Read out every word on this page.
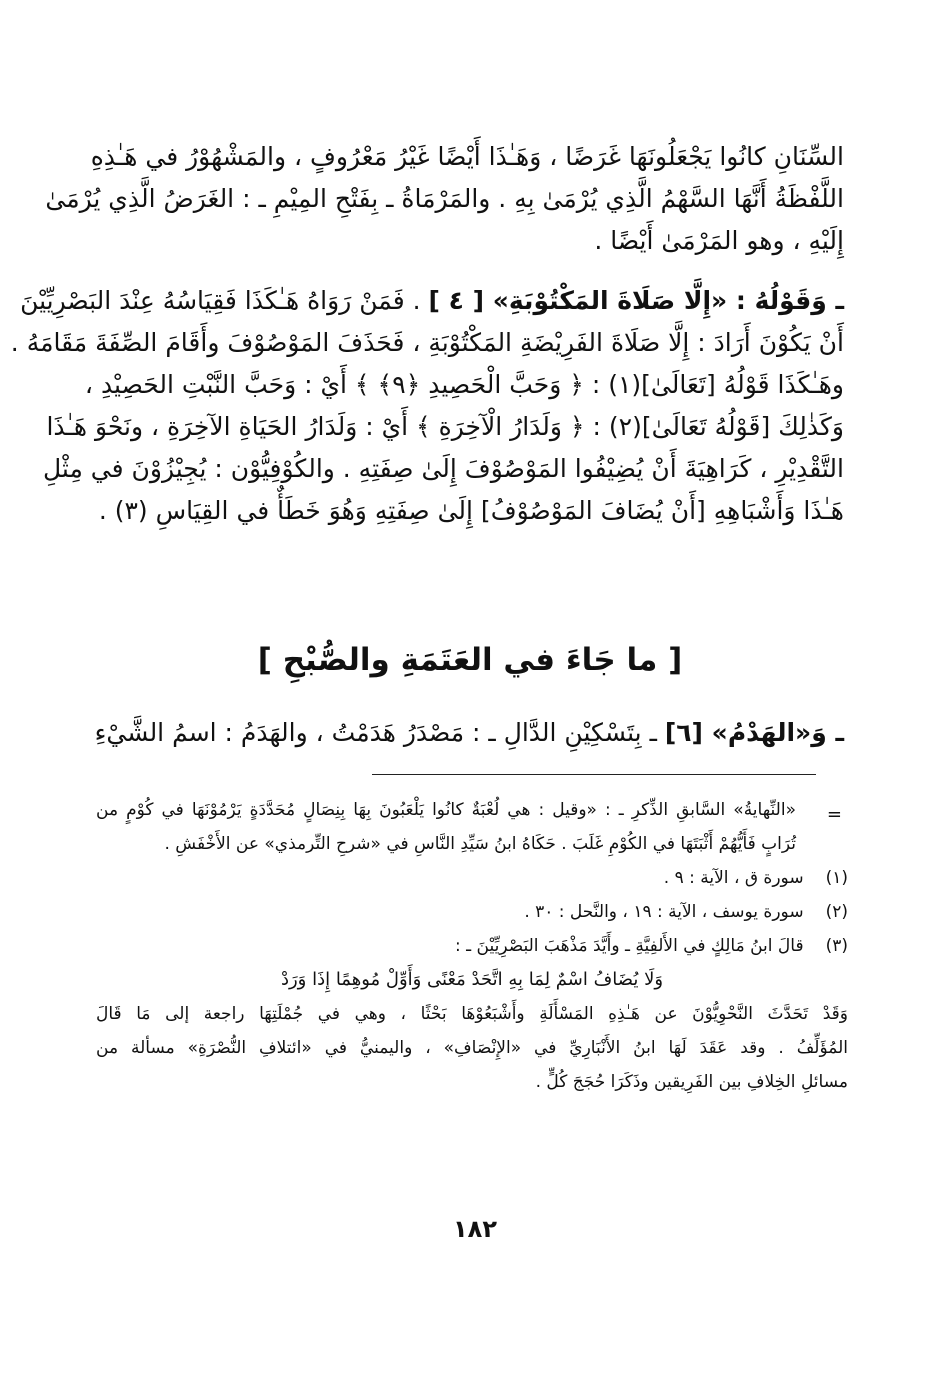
السِّنَانِ كانُوا يَجْعَلُونَهَا غَرَضًا ، وَهَـٰذَا أَيْضًا غَيْرُ مَعْرُوفٍ ، والمَشْهُوْرُ في هَـٰذِهِ
اللَّفْظَةُ أَنَّهَا السَّهْمُ الَّذِي يُرْمَىٰ بِهِ . والمَرْمَاةُ ـ بِفَتْحِ المِيْمِ ـ : الغَرَضُ الَّذِي يُرْمَىٰ
إِلَيْهِ ، وهو المَرْمَىٰ أَيْضًا .
ـ وَقَوْلُهُ : «إِلَّا صَلَاةَ المَكْتُوْبَةِ» [ ٤ ] . فَمَنْ رَوَاهُ هَـٰكَذَا فَقِيَاسُهُ عِنْدَ البَصْرِيِّيْنَ
أَنْ يَكُوْنَ أَرَادَ : إِلَّا صَلَاةَ الفَرِيْضَةِ المَكْتُوْبَةِ ، فَحَذَفَ المَوْصُوْفَ وأَقَامَ الصِّفَةَ مَقَامَهُ .
وهَـٰكَذَا قَوْلُهُ [تَعَالَىٰ](١) : ﴿ وَحَبَّ الْحَصِيدِ ﴿٩﴾ ﴾ أَيْ : وَحَبَّ النَّبْتِ الحَصِيْدِ ،
وَكَذٰلِكَ [قَوْلُهُ تَعَالَىٰ](٢) : ﴿ وَلَدَارُ الْآخِرَةِ ﴾ أَيْ : وَلَدَارُ الحَيَاةِ الآخِرَةِ ، ونَحْوَ هَـٰذَا
التَّقْدِيْرِ ، كَرَاهِيَةَ أَنْ يُضِيْفُوا المَوْصُوْفَ إِلَىٰ صِفَتِهِ . والكُوْفِيُّوْن : يُجِيْزُوْنَ في مِثْلِ
هَـٰذَا وَأَشْبَاهِهِ [أَنْ يُضَافَ المَوْصُوْفُ] إِلَىٰ صِفَتِهِ وَهُوَ خَطَأٌ في القِيَاسِ (٣) .
[ ما جَاءَ في العَتَمَةِ والصُّبْحِ ]
ـ وَ«الهَدْمُ» [٦] ـ بِتَسْكِيْنِ الدَّالِ ـ : مَصْدَرُ هَدَمْتُ ، والهَدَمُ : اسمُ الشَّيْءِ
=
«النِّهايةُ» السَّابقِ الذِّكرِ ـ : «وقيل : هي لُعْبَةٌ كانُوا يَلْعَبُونَ بِهَا بِنِصَالٍ مُحَدَّدَةٍ يَرْمُوْنَهَا في كُوْمٍ من
تُرَابٍ فَأَيُّهُمْ أَثْبَتَهَا في الكُوْمِ غَلَبَ . حَكَاهُ ابنُ سَيِّدِ النَّاسِ في «شرحِ التِّرمذي» عن الأَخْفَشِ .
(١)سورة ق ، الآية : ٩ .
(٢)سورة يوسف ، الآية : ١٩ ، والنَّحل : ٣٠ .
(٣)قالَ ابنُ مَالِكٍ في الأَلفِيَّةِ ـ وأَيَّدَ مَذْهَبَ البَصْرِيِّيْنَ ـ :
وَلَا يُضَافُ اسْمٌ لِمَا بِهِ اتَّحَدْ مَعْنًى وَأَوِّلْ مُوهِمًا إِذَا وَرَدْ
وَقَدْ تَحَدَّثَ النَّحْوِيُّوْنَ عن هَـٰذِهِ المَسْأَلَةِ وأَشْبَعُوْهَا بَحْثًا ، وهي في جُمْلَتِهَا راجعة إلى مَا قَالَ
المُؤَلِّفُ . وقد عَقَدَ لَهَا ابنُ الأَنْبَارِيِّ في «الإِنْصَافِ» ، واليمنيُّ في «ائتلافِ النُّصْرَةِ» مسألة من
مسائلِ الخِلافِ بين الفَرِيقين وذَكَرَا حُجَجَ كُلٍّ .
١٨٢
